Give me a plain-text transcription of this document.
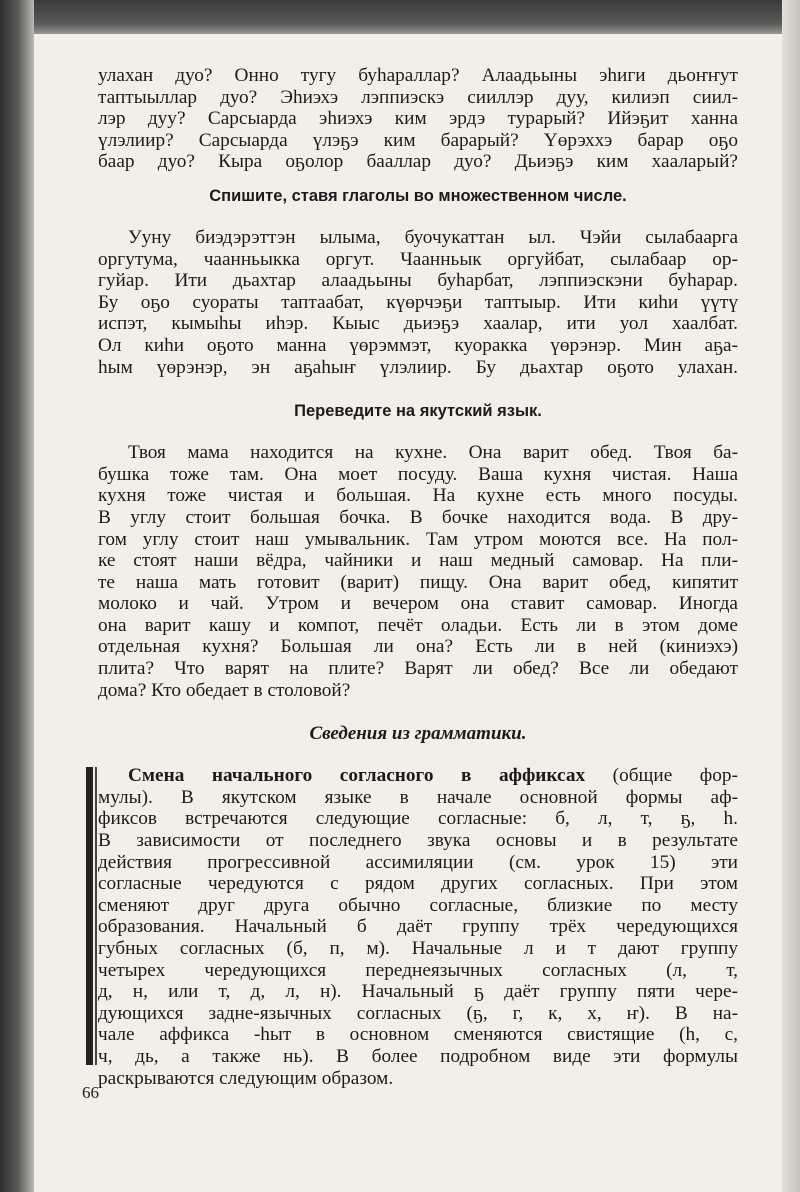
улахан дуо? Онно тугу буhараллар? Алаадьыны эhиги дьоҥҥут
таптыыллар дуо? Эhиэхэ лэппиэскэ сииллэр дуу, килиэп сиил-
лэр дуу? Сарсыарда эhиэхэ ким эрдэ турарый? Ийэҕит ханна
үлэлиир? Сарсыарда үлэҕэ ким барарый? Үөрэххэ барар оҕо
баар дуо? Кыра оҕолор бааллар дуо? Дьиэҕэ ким хааларый?
Спишите, ставя глаголы во множественном числе.
Ууну биэдэрэттэн ылыма, буочукаттан ыл. Чэйи сылабаарга
оргутума, чаанньыкка оргут. Чаанньык оргуйбат, сылабаар ор-
гуйар. Ити дьахтар алаадьыны буhарбат, лэппиэскэни буhарар.
Бу оҕо суораты таптаабат, күөрчэҕи таптыыр. Ити киhи үүтү
испэт, кымыhы иhэр. Кыыс дьиэҕэ хаалар, ити уол хаалбат.
Ол киhи оҕото манна үөрэммэт, куоракка үөрэнэр. Мин аҕа-
hым үөрэнэр, эн аҕаhыҥ үлэлиир. Бу дьахтар оҕото улахан.
Переведите на якутский язык.
Твоя мама находится на кухне. Она варит обед. Твоя ба-
бушка тоже там. Она моет посуду. Ваша кухня чистая. Наша
кухня тоже чистая и большая. На кухне есть много посуды.
В углу стоит большая бочка. В бочке находится вода. В дру-
гом углу стоит наш умывальник. Там утром моются все. На пол-
ке стоят наши вёдра, чайники и наш медный самовар. На пли-
те наша мать готовит (варит) пищу. Она варит обед, кипятит
молоко и чай. Утром и вечером она ставит самовар. Иногда
она варит кашу и компот, печёт оладьи. Есть ли в этом доме
отдельная кухня? Большая ли она? Есть ли в ней (киниэхэ)
плита? Что варят на плите? Варят ли обед? Все ли обедают
дома? Кто обедает в столовой?
Сведения из грамматики.
Смена начального согласного в аффиксах (общие фор-
мулы). В якутском языке в начале основной формы аф-
фиксов встречаются следующие согласные: б, л, т, ҕ, h.
В зависимости от последнего звука основы и в результате
действия прогрессивной ассимиляции (см. урок 15) эти
согласные чередуются с рядом других согласных. При этом
сменяют друг друга обычно согласные, близкие по месту
образования. Начальный б даёт группу трёх чередующихся
губных согласных (б, п, м). Начальные л и т дают группу
четырех чередующихся переднеязычных согласных (л, т,
д, н, или т, д, л, н). Начальный ҕ даёт группу пяти чере-
дующихся задне-язычных согласных (ҕ, г, к, х, ҥ). В на-
чале аффикса -hыт в основном сменяются свистящие (h, с,
ч, дь, а также нь). В более подробном виде эти формулы
раскрываются следующим образом.
66
